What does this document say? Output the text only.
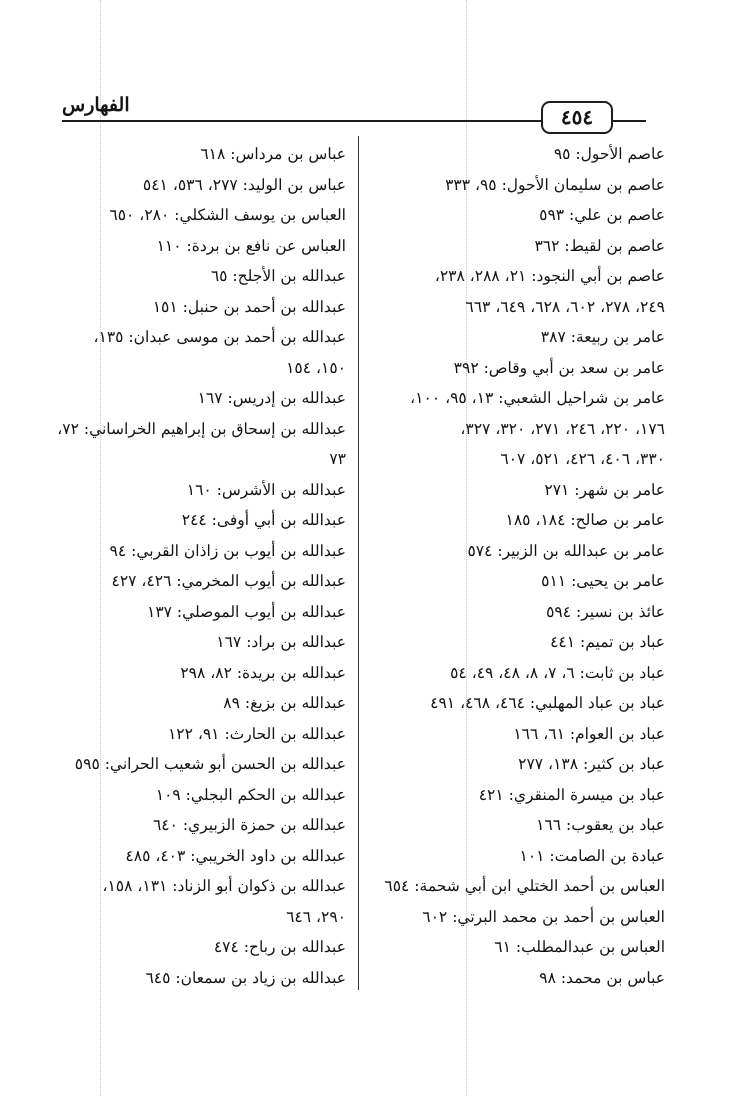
الفهارس	٤٥٤
عاصم الأحول: ٩٥
عاصم بن سليمان الأحول: ٩٥، ٣٣٣
عاصم بن علي: ٥٩٣
عاصم بن لقيط: ٣٦٢
عاصم بن أبي النجود: ٢١، ٢٨٨، ٢٣٨،
٢٤٩، ٢٧٨، ٦٠٢، ٦٢٨، ٦٤٩، ٦٦٣
عامر بن ربيعة: ٣٨٧
عامر بن سعد بن أبي وقاص: ٣٩٢
عامر بن شراحيل الشعبي: ١٣، ٩٥، ١٠٠،
١٧٦، ٢٢٠، ٢٤٦، ٢٧١، ٣٢٠، ٣٢٧،
٣٣٠، ٤٠٦، ٤٢٦، ٥٢١، ٦٠٧
عامر بن شهر: ٢٧١
عامر بن صالح: ١٨٤، ١٨٥
عامر بن عبدالله بن الزبير: ٥٧٤
عامر بن يحيى: ٥١١
عائذ بن نسير: ٥٩٤
عباد بن تميم: ٤٤١
عباد بن ثابت: ٦، ٧، ٨، ٤٨، ٤٩، ٥٤
عباد بن عباد المهلبي: ٤٦٤، ٤٦٨، ٤٩١
عباد بن العوام: ٦١، ١٦٦
عباد بن كثير: ١٣٨، ٢٧٧
عباد بن ميسرة المنقري: ٤٢١
عباد بن يعقوب: ١٦٦
عبادة بن الصامت: ١٠١
العباس بن أحمد الختلي ابن أبي شحمة: ٦٥٤
العباس بن أحمد بن محمد البرتي: ٦٠٢
العباس بن عبدالمطلب: ٦١
عباس بن محمد: ٩٨
عباس بن مرداس: ٦١٨
عباس بن الوليد: ٢٧٧، ٥٣٦، ٥٤١
العباس بن يوسف الشكلي: ٢٨٠، ٦٥٠
العباس عن نافع بن بردة: ١١٠
عبدالله بن الأجلح: ٦٥
عبدالله بن أحمد بن حنبل: ١٥١
عبدالله بن أحمد بن موسى عبدان: ١٣٥،
١٥٠، ١٥٤
عبدالله بن إدريس: ١٦٧
عبدالله بن إسحاق بن إبراهيم الخراساني: ٧٢،
٧٣
عبدالله بن الأشرس: ١٦٠
عبدالله بن أبي أوفى: ٢٤٤
عبدالله بن أيوب بن زاذان القربي: ٩٤
عبدالله بن أيوب المخرمي: ٤٢٦، ٤٢٧
عبدالله بن أيوب الموصلي: ١٣٧
عبدالله بن براد: ١٦٧
عبدالله بن بريدة: ٨٢، ٢٩٨
عبدالله بن بزيغ: ٨٩
عبدالله بن الحارث: ٩١، ١٢٢
عبدالله بن الحسن أبو شعيب الحراني: ٥٩٥
عبدالله بن الحكم البجلي: ١٠٩
عبدالله بن حمزة الزبيري: ٦٤٠
عبدالله بن داود الخريبي: ٤٠٣، ٤٨٥
عبدالله بن ذكوان أبو الزناد: ١٣١، ١٥٨،
٢٩٠، ٦٤٦
عبدالله بن رباح: ٤٧٤
عبدالله بن زياد بن سمعان: ٦٤٥
